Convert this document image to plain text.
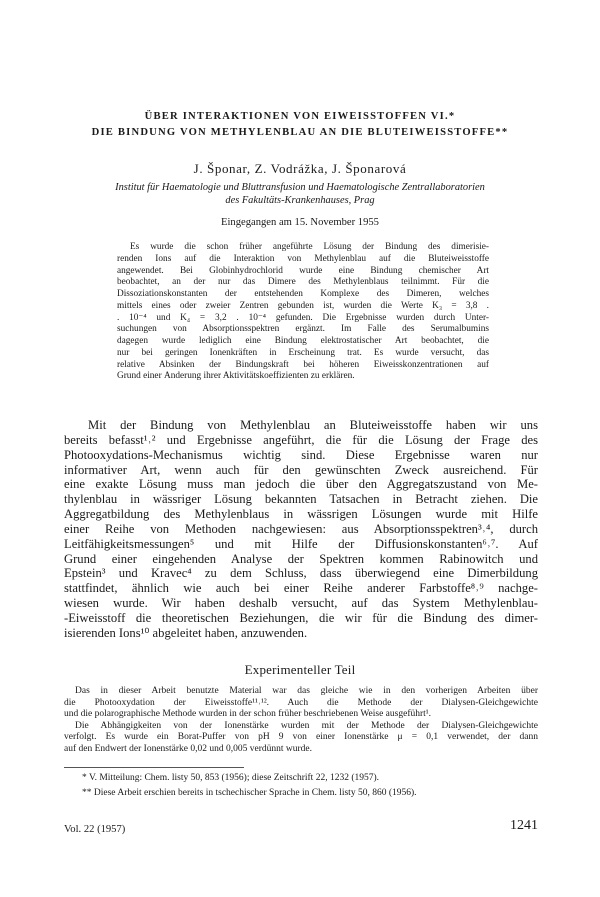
ÜBER INTERAKTIONEN VON EIWEISSTOFFEN VI.*
DIE BINDUNG VON METHYLENBLAU AN DIE BLUTEIWEISSTOFFE**
J. Šponar, Z. Vodrážka, J. Šponarová
Institut für Haematologie und Bluttransfusion und Haematologische Zentrallaboratorien
des Fakultäts-Krankenhauses, Prag
Eingegangen am 15. November 1955
Es wurde die schon früher angeführte Lösung der Bindung des dimerisie-
renden Ions auf die Interaktion von Methylenblau auf die Bluteiweisstoffe
angewendet. Bei Globinhydrochlorid wurde eine Bindung chemischer Art
beobachtet, an der nur das Dimere des Methylenblaus teilnimmt. Für die
Dissoziationskonstanten der entstehenden Komplexe des Dimeren, welches
mittels eines oder zweier Zentren gebunden ist, wurden die Werte K₃ = 3,8 .
. 10⁻⁴ und K₄ = 3,2 . 10⁻⁴ gefunden. Die Ergebnisse wurden durch Unter-
suchungen von Absorptionsspektren ergänzt. Im Falle des Serumalbumins
dagegen wurde lediglich eine Bindung elektrostatischer Art beobachtet, die
nur bei geringen Ionenkräften in Erscheinung trat. Es wurde versucht, das
relative Absinken der Bindungskraft bei höheren Eiweisskonzentrationen auf
Grund einer Änderung ihrer Aktivitätskoeffizienten zu erklären.
Mit der Bindung von Methylenblau an Bluteiweisstoffe haben wir uns
bereits befasst¹˒² und Ergebnisse angeführt, die für die Lösung der Frage des
Photooxydations-Mechanismus wichtig sind. Diese Ergebnisse waren nur
informativer Art, wenn auch für den gewünschten Zweck ausreichend. Für
eine exakte Lösung muss man jedoch die über den Aggregatszustand von Me-
thylenblau in wässriger Lösung bekannten Tatsachen in Betracht ziehen. Die
Aggregatbildung des Methylenblaus in wässrigen Lösungen wurde mit Hilfe
einer Reihe von Methoden nachgewiesen: aus Absorptionsspektren³˒⁴, durch
Leitfähigkeitsmessungen⁵ und mit Hilfe der Diffusionskonstanten⁶˒⁷. Auf
Grund einer eingehenden Analyse der Spektren kommen Rabinowitch und
Epstein³ und Kravec⁴ zu dem Schluss, dass überwiegend eine Dimerbildung
stattfindet, ähnlich wie auch bei einer Reihe anderer Farbstoffe⁸˒⁹ nachge-
wiesen wurde. Wir haben deshalb versucht, auf das System Methylenblau-
-Eiweisstoff die theoretischen Beziehungen, die wir für die Bindung des dimer-
isierenden Ions¹⁰ abgeleitet haben, anzuwenden.
Experimenteller Teil
Das in dieser Arbeit benutzte Material war das gleiche wie in den vorherigen Arbeiten über
die Photooxydation der Eiweisstoffe¹¹˒¹². Auch die Methode der Dialysen-Gleichgewichte
und die polarographische Methode wurden in der schon früher beschriebenen Weise ausgeführt¹.
Die Abhängigkeiten von der Ionenstärke wurden mit der Methode der Dialysen-Gleichgewichte
verfolgt. Es wurde ein Borat-Puffer von pH 9 von einer Ionenstärke μ = 0,1 verwendet, der dann
auf den Endwert der Ionenstärke 0,02 und 0,005 verdünnt wurde.
* V. Mitteilung: Chem. listy 50, 853 (1956); diese Zeitschrift 22, 1232 (1957).
** Diese Arbeit erschien bereits in tschechischer Sprache in Chem. listy 50, 860 (1956).
Vol. 22 (1957)	1241
